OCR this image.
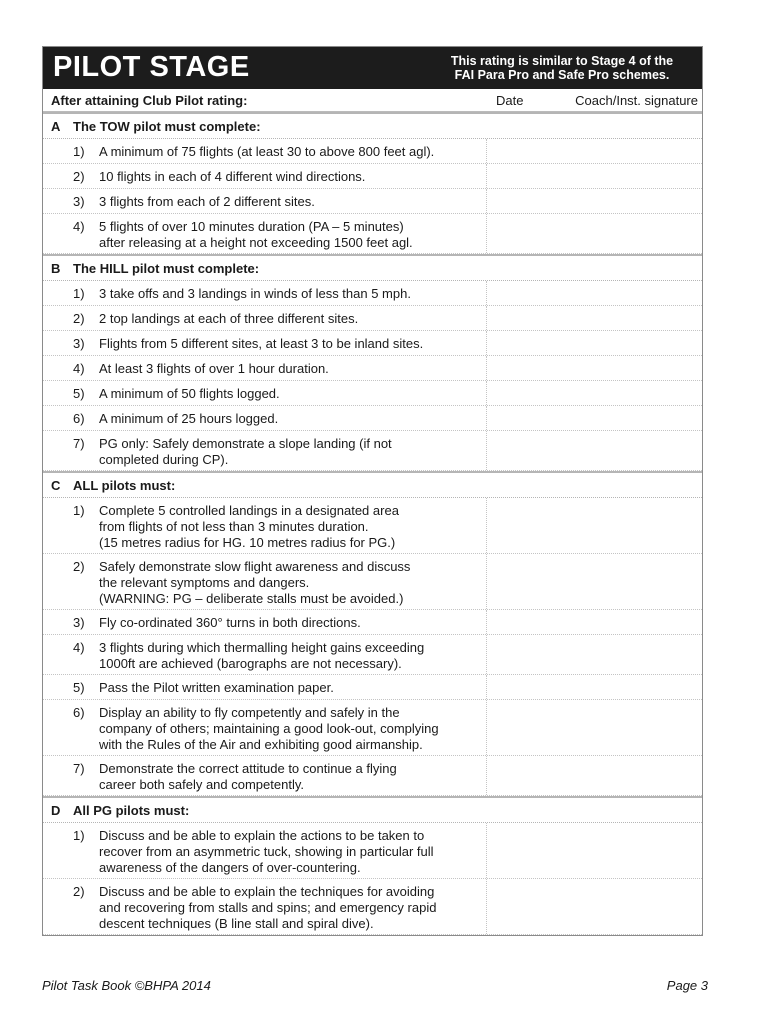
PILOT STAGE	This rating is similar to Stage 4 of the
FAI Para Pro and Safe Pro schemes.
After attaining Club Pilot rating:	Date	Coach/Inst. signature
A The TOW pilot must complete:
1)	A minimum of 75 flights (at least 30 to above 800 feet agl).
2)	10 flights in each of 4 different wind directions.
3)	3 flights from each of 2 different sites.
4)	5 flights of over 10 minutes duration (PA – 5 minutes)
after releasing at a height not exceeding 1500 feet agl.
B The HILL pilot must complete:
1)	3 take offs and 3 landings in winds of less than 5 mph.
2)	2 top landings at each of three different sites.
3)	Flights from 5 different sites, at least 3 to be inland sites.
4)	At least 3 flights of over 1 hour duration.
5)	A minimum of 50 flights logged.
6)	A minimum of 25 hours logged.
7)	PG only: Safely demonstrate a slope landing (if not
completed during CP).
C ALL pilots must:
1)	Complete 5 controlled landings in a designated area
from flights of not less than 3 minutes duration.
(15 metres radius for HG. 10 metres radius for PG.)
2)	Safely demonstrate slow flight awareness and discuss
the relevant symptoms and dangers.
(WARNING: PG – deliberate stalls must be avoided.)
3)	Fly co-ordinated 360° turns in both directions.
4)	3 flights during which thermalling height gains exceeding
1000ft are achieved (barographs are not necessary).
5)	Pass the Pilot written examination paper.
6)	Display an ability to fly competently and safely in the
company of others; maintaining a good look-out, complying
with the Rules of the Air and exhibiting good airmanship.
7)	Demonstrate the correct attitude to continue a flying
career both safely and competently.
D All PG pilots must:
1)	Discuss and be able to explain the actions to be taken to
recover from an asymmetric tuck, showing in particular full
awareness of the dangers of over-countering.
2)	Discuss and be able to explain the techniques for avoiding
and recovering from stalls and spins; and emergency rapid
descent techniques (B line stall and spiral dive).
Pilot Task Book ©BHPA 2014	Page 3
